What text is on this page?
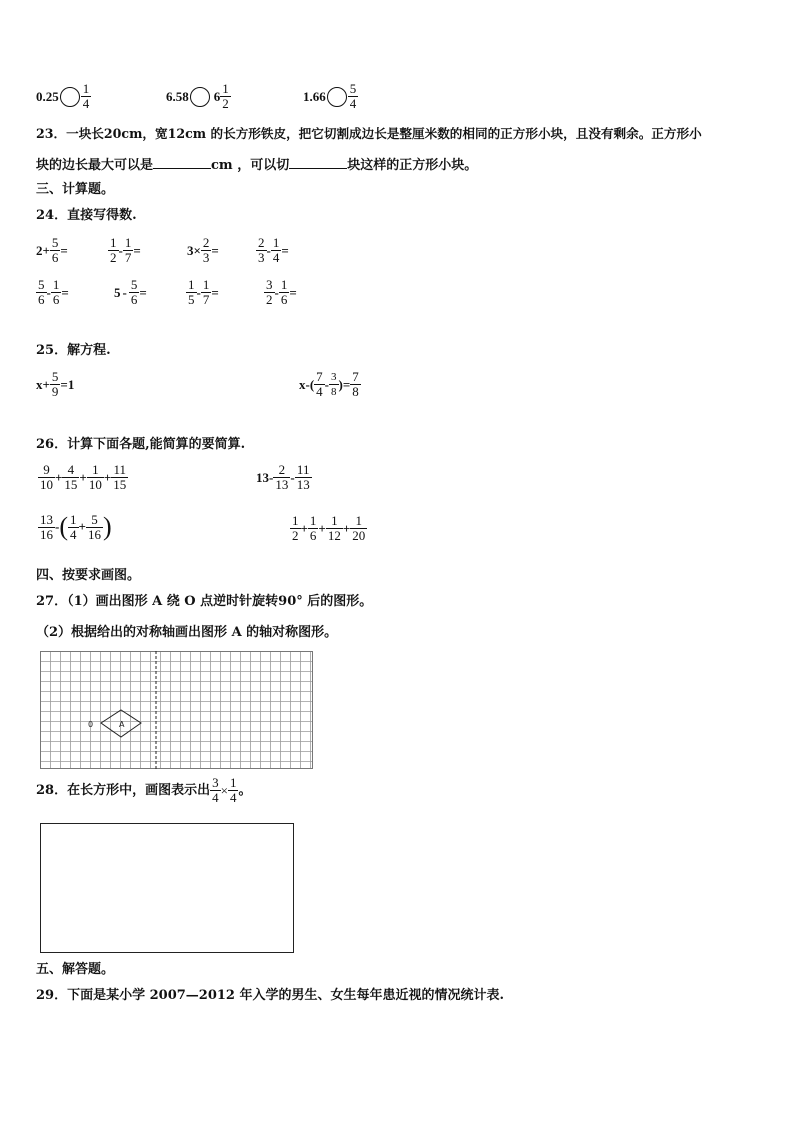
$0.25 \frac{1}{4}$	6.58 $6 \frac{1}{2}$	$1.66 \frac{5}{4}$
23．一块长20cm，宽12cm 的长方形铁皮，把它切割成边长是整厘米数的相同的正方形小块，且没有剩余。正方形小
块的边长最大可以是	cm ，可以切	块这样的正方形小块。
三、计算题。
24．直接写得数.
$2 + \frac{5}{6}$ =	$\frac{1}{2} - \frac{1}{7}$ =	$3 \times \frac{2}{3}$ =	$\frac{2}{3} - \frac{1}{4}$ =
$\frac{5}{6} - \frac{1}{6}$ =	$5 - \frac{5}{6}$ =	$\frac{1}{5} - \frac{1}{7}$ =	$\frac{3}{2} - \frac{1}{6}$ =
25．解方程.
$x+ \frac{5}{9} =1$	$x-( \frac{7}{4} - \frac{3}{8}$ )= $\frac{7}{8}$
26．计算下面各题,能简算的要简算.
$\frac{9}{10} + \frac{4}{15} + \frac{1}{10} + \frac{11}{15}$	$13- \frac{2}{13} - \frac{11}{13}$
$\frac{13}{16}$ - ( $\frac{1}{4} + \frac{5}{16}$ )	$\frac{1}{2} + \frac{1}{6} + \frac{1}{12} + \frac{1}{20}$
四、按要求画图。
27．（1）画出图形 A 绕 O 点逆时针旋转90° 后的图形。
（2）根据给出的对称轴画出图形 A 的轴对称图形。
A
0
28．在长方形中，画图表示出 $\frac{3}{4} \times \frac{1}{4}$ 。
五、解答题。
29．下面是某小学 2007—2012 年入学的男生、女生每年患近视的情况统计表.
